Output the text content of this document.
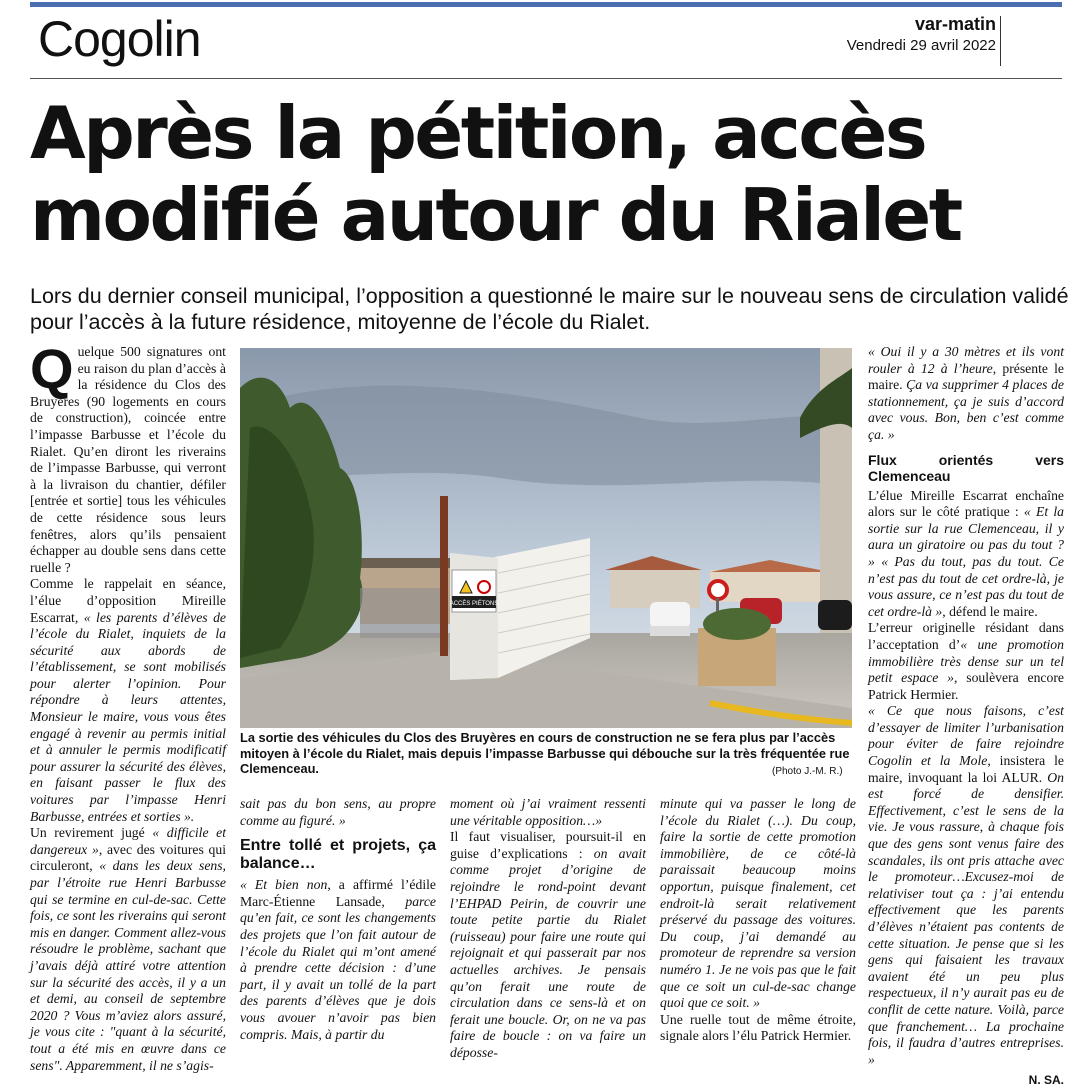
Cogolin	var-matin
Vendredi 29 avril 2022
Après la pétition, accès modifié autour du Rialet
Lors du dernier conseil municipal, l’opposition a questionné le maire sur le nouveau sens de circulation validé pour l’accès à la future résidence, mitoyenne de l’école du Rialet.

Quelque 500 signatures ont eu raison du plan d’accès à la résidence du Clos des Bruyères (90 logements en cours de construction), coincée entre l’impasse Barbusse et l’école du Rialet. Qu’en diront les riverains de l’impasse Barbusse, qui verront à la livraison du chantier, défiler [entrée et sortie] tous les véhicules de cette résidence sous leurs fenêtres, alors qu’ils pensaient échapper au double sens dans cette ruelle ?

Comme le rappelait en séance, l’élue d’opposition Mireille Escarrat, « les parents d’élèves de l’école du Rialet, inquiets de la sécurité aux abords de l’établissement, se sont mobilisés pour alerter l’opinion. Pour répondre à leurs attentes, Monsieur le maire, vous vous êtes engagé à revenir au permis initial et à annuler le permis modificatif pour assurer la sécurité des élèves, en faisant passer le flux des voitures par l’impasse Henri Barbusse, entrées et sorties ».

Un revirement jugé « difficile et dangereux », avec des voitures qui circuleront, « dans les deux sens, par l’étroite rue Henri Barbusse qui se termine en cul-de-sac. Cette fois, ce sont les riverains qui seront mis en danger. Comment allez-vous résoudre le problème, sachant que j’avais déjà attiré votre attention sur la sécurité des accès, il y a un et demi, au conseil de septembre 2020 ? Vous m’aviez alors assuré, je vous cite : "quant à la sécurité, tout a été mis en œuvre dans ce sens". Apparemment, il ne s’agis-

ACCÈS PIÉTONS
La sortie des véhicules du Clos des Bruyères en cours de construction ne se fera plus par l’accès mitoyen à l’école du Rialet, mais depuis l’impasse Barbusse qui débouche sur la très fréquentée rue Clemenceau.	(Photo J.-M. R.)

sait pas du bon sens, au propre comme au figuré. »

Entre tollé et projets, ça balance…

« Et bien non, a affirmé l’édile Marc-Étienne Lansade, parce qu’en fait, ce sont les changements des projets que l’on fait autour de l’école du Rialet qui m’ont amené à prendre cette décision : d’une part, il y avait un tollé de la part des parents d’élèves que je dois vous avouer n’avoir pas bien compris. Mais, à partir du

moment où j’ai vraiment ressenti une véritable opposition…»

Il faut visualiser, poursuit-il en guise d’explications : on avait comme projet d’origine de rejoindre le rond-point devant l’EHPAD Peirin, de couvrir une toute petite partie du Rialet (ruisseau) pour faire une route qui rejoignait et qui passerait par nos actuelles archives. Je pensais qu’on ferait une route de circulation dans ce sens-là et on ferait une boucle. Or, on ne va pas faire de boucle : on va faire un déposse-

minute qui va passer le long de l’école du Rialet (…). Du coup, faire la sortie de cette promotion immobilière, de ce côté-là paraissait beaucoup moins opportun, puisque finalement, cet endroit-là serait relativement préservé du passage des voitures. Du coup, j’ai demandé au promoteur de reprendre sa version numéro 1. Je ne vois pas que le fait que ce soit un cul-de-sac change quoi que ce soit. »

Une ruelle tout de même étroite, signale alors l’élu Patrick Hermier.

« Oui il y a 30 mètres et ils vont rouler à 12 à l’heure, présente le maire. Ça va supprimer 4 places de stationnement, ça je suis d’accord avec vous. Bon, ben c’est comme ça. »

Flux orientés vers Clemenceau

L’élue Mireille Escarrat enchaîne alors sur le côté pratique : « Et la sortie sur la rue Clemenceau, il y aura un giratoire ou pas du tout ? » « Pas du tout, pas du tout. Ce n’est pas du tout de cet ordre-là, je vous assure, ce n’est pas du tout de cet ordre-là », défend le maire.

L’erreur originelle résidant dans l’acceptation d’« une promotion immobilière très dense sur un tel petit espace », soulèvera encore Patrick Hermier.

« Ce que nous faisons, c’est d’essayer de limiter l’urbanisation pour éviter de faire rejoindre Cogolin et la Mole, insistera le maire, invoquant la loi ALUR. On est forcé de densifier. Effectivement, c’est le sens de la vie. Je vous rassure, à chaque fois que des gens sont venus faire des scandales, ils ont pris attache avec le promoteur…Excusez-moi de relativiser tout ça : j’ai entendu effectivement que les parents d’élèves n’étaient pas contents de cette situation. Je pense que si les gens qui faisaient les travaux avaient été un peu plus respectueux, il n’y aurait pas eu de conflit de cette nature. Voilà, parce que franchement… La prochaine fois, il faudra d’autres entreprises. »

N. SA.
